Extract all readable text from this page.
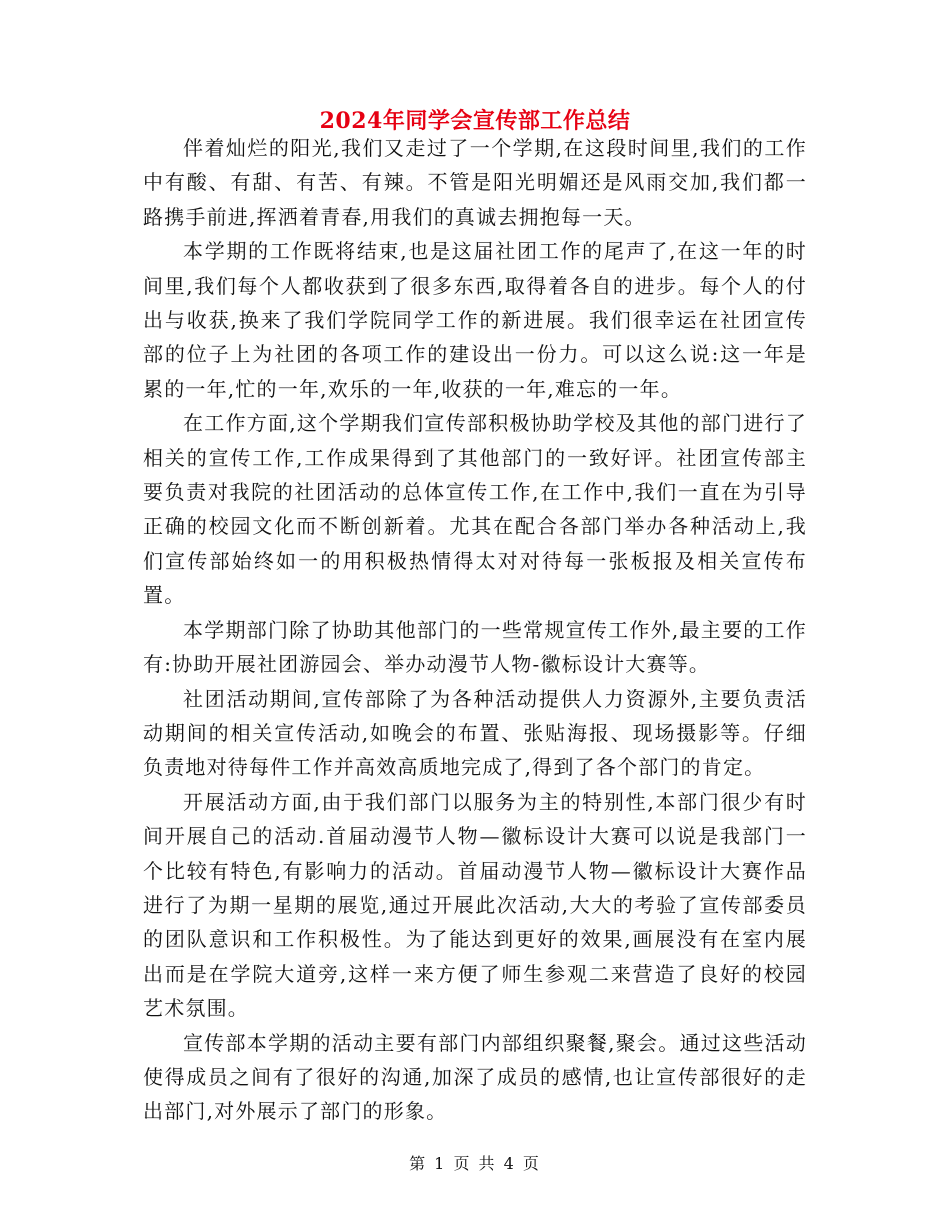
2024年同学会宣传部工作总结

伴着灿烂的阳光,我们又走过了一个学期,在这段时间里,我们的工作中有酸、有甜、有苦、有辣。不管是阳光明媚还是风雨交加,我们都一路携手前进,挥洒着青春,用我们的真诚去拥抱每一天。

本学期的工作既将结束,也是这届社团工作的尾声了,在这一年的时间里,我们每个人都收获到了很多东西,取得着各自的进步。每个人的付出与收获,换来了我们学院同学工作的新进展。我们很幸运在社团宣传部的位子上为社团的各项工作的建设出一份力。可以这么说:这一年是累的一年,忙的一年,欢乐的一年,收获的一年,难忘的一年。

在工作方面,这个学期我们宣传部积极协助学校及其他的部门进行了相关的宣传工作,工作成果得到了其他部门的一致好评。社团宣传部主要负责对我院的社团活动的总体宣传工作,在工作中,我们一直在为引导正确的校园文化而不断创新着。尤其在配合各部门举办各种活动上,我们宣传部始终如一的用积极热情得太对对待每一张板报及相关宣传布置。

本学期部门除了协助其他部门的一些常规宣传工作外,最主要的工作有:协助开展社团游园会、举办动漫节人物-徽标设计大赛等。

社团活动期间,宣传部除了为各种活动提供人力资源外,主要负责活动期间的相关宣传活动,如晚会的布置、张贴海报、现场摄影等。仔细负责地对待每件工作并高效高质地完成了,得到了各个部门的肯定。

开展活动方面,由于我们部门以服务为主的特别性,本部门很少有时间开展自己的活动.首届动漫节人物—徽标设计大赛可以说是我部门一个比较有特色,有影响力的活动。首届动漫节人物—徽标设计大赛作品进行了为期一星期的展览,通过开展此次活动,大大的考验了宣传部委员的团队意识和工作积极性。为了能达到更好的效果,画展没有在室内展出而是在学院大道旁,这样一来方便了师生参观二来营造了良好的校园艺术氛围。

宣传部本学期的活动主要有部门内部组织聚餐,聚会。通过这些活动使得成员之间有了很好的沟通,加深了成员的感情,也让宣传部很好的走出部门,对外展示了部门的形象。

第 1 页 共 4 页
